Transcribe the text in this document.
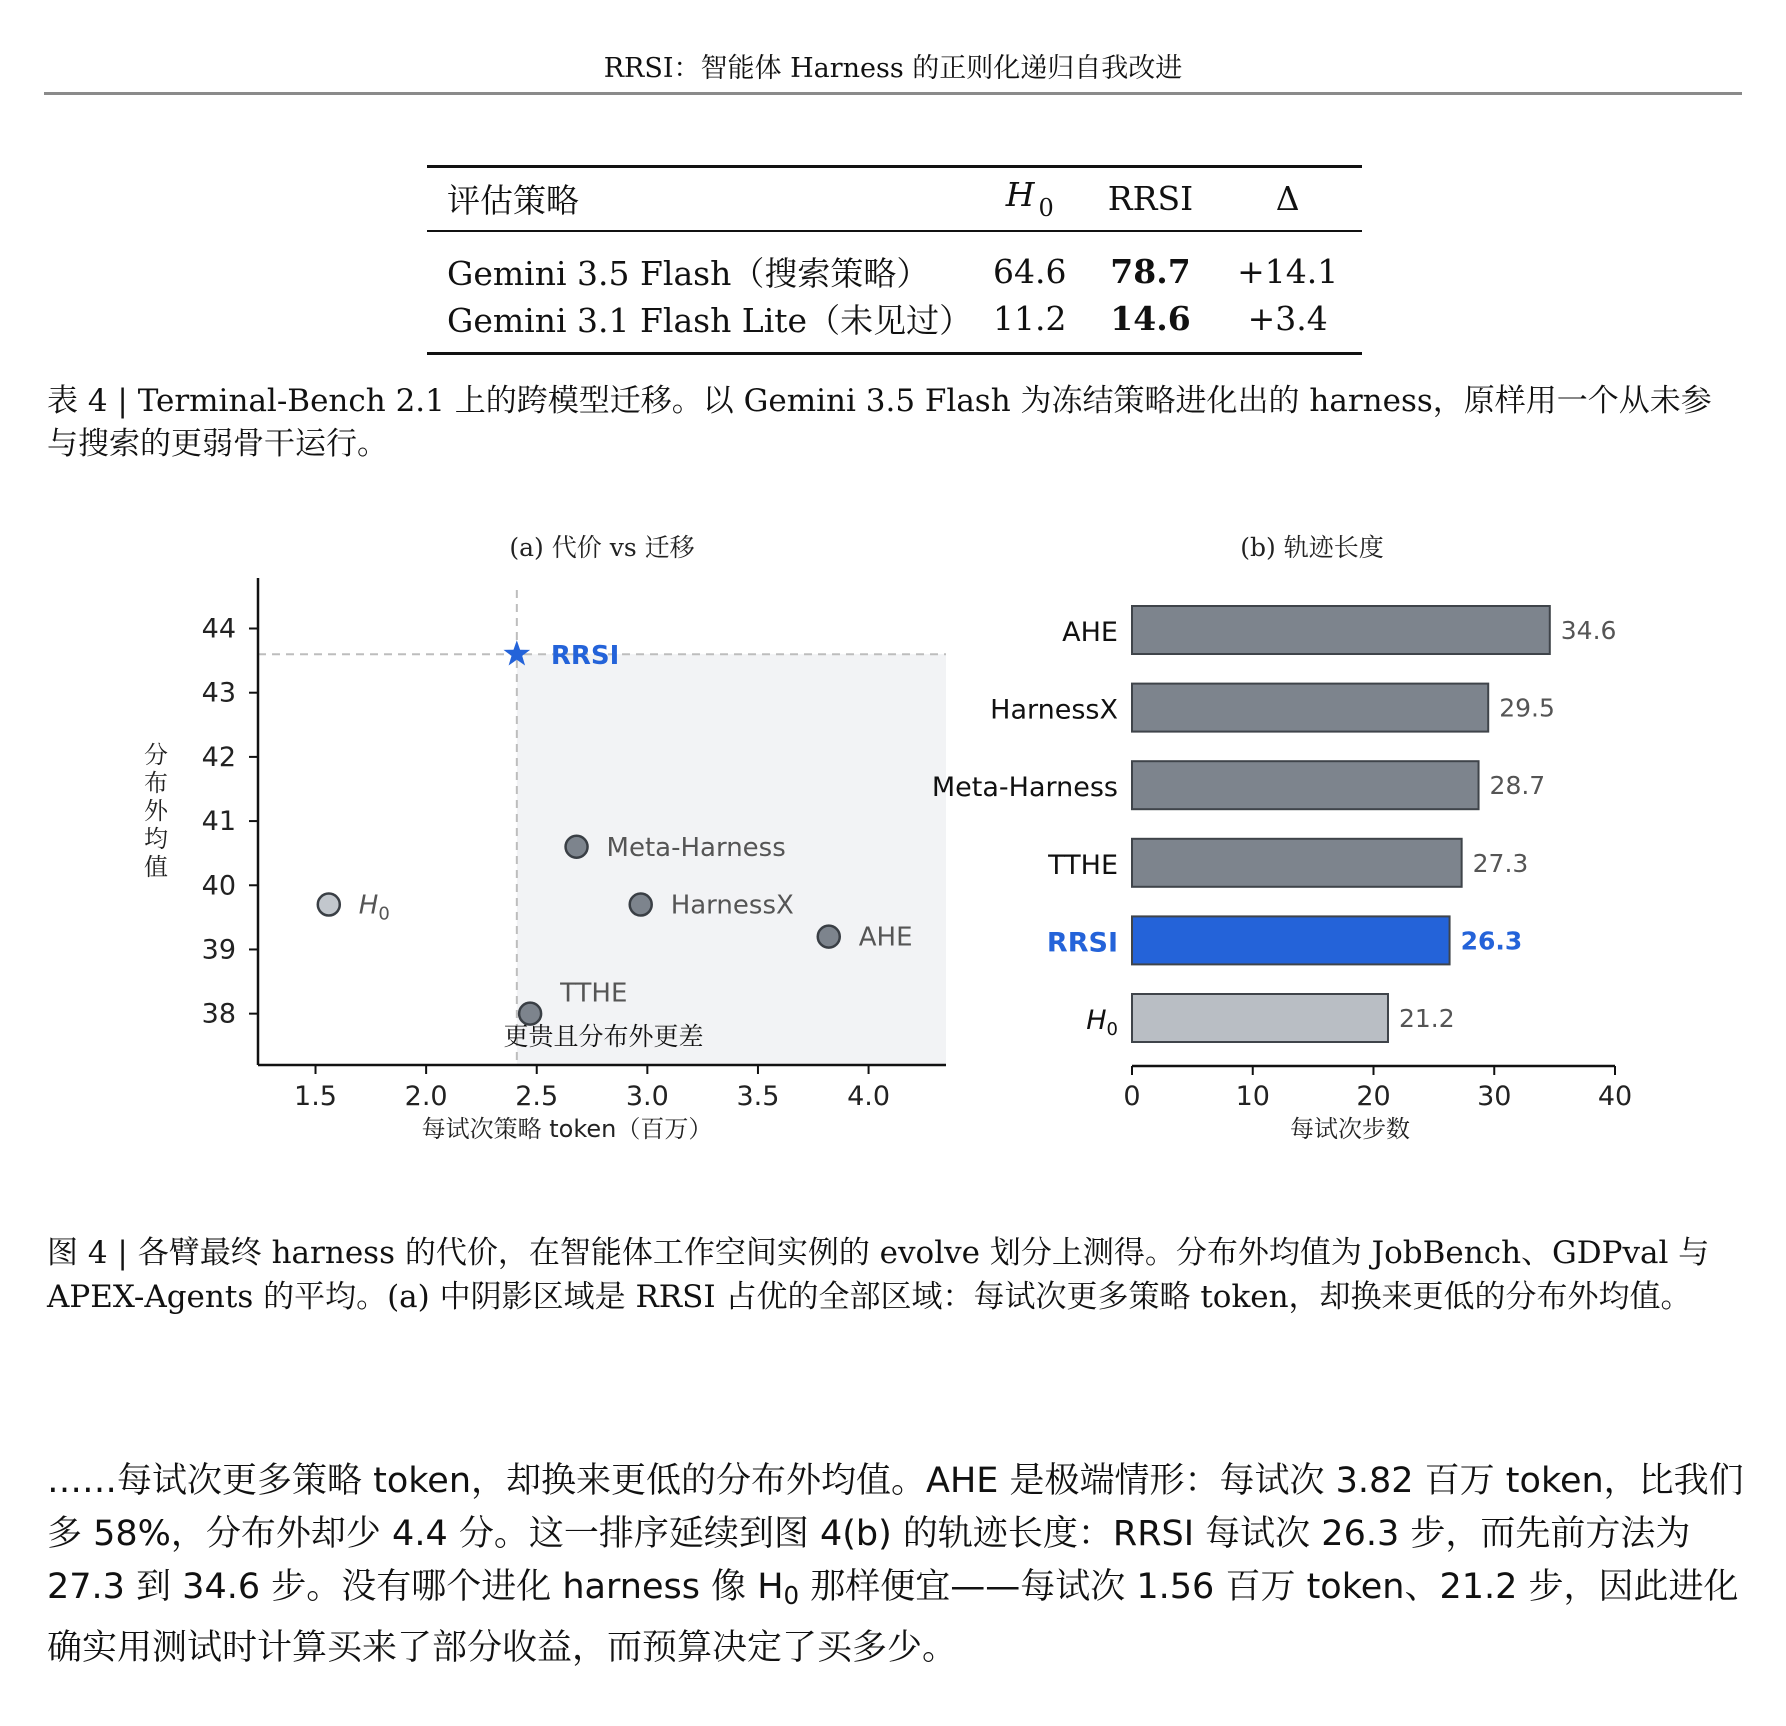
RRSI：智能体 Harness 的正则化递归自我改进
评估策略	H $_0$	RRSI	Δ
Gemini 3.5 Flash（搜索策略）	64.6	78.7	+14.1
Gemini 3.1 Flash Lite（未见过）	11.2	14.6	+3.4
表 4 | Terminal-Bench 2.1 上的跨模型迁移。以 Gemini 3.5 Flash 为冻结策略进化出的 harness，原样用一个从未参与搜索的更弱骨干运行。
(a) 代价 vs 迁移
38
39
40
41
42
43
44
1.5	2.0	2.5	3.0	3.5	4.0
每试次策略 token（百万）
分布外均值
RRSI
Meta-Harness
HarnessX
AHE
TTHE
$H_0$
更贵且分布外更差
(b) 轨迹长度
34.6
AHE
29.5
HarnessX
28.7
Meta-Harness
27.3
TTHE
26.3
RRSI
21.2
$H_0$
0	10	20	30	40
每试次步数
图 4 | 各臂最终 harness 的代价，在智能体工作空间实例的 evolve 划分上测得。分布外均值为 JobBench、GDPval 与 APEX-Agents 的平均。(a) 中阴影区域是 RRSI 占优的全部区域：每试次更多策略 token，却换来更低的分布外均值。
……每试次更多策略 token，却换来更低的分布外均值。AHE 是极端情形：每试次 3.82 百万 token，比我们多 58%，分布外却少 4.4 分。这一排序延续到图 4(b) 的轨迹长度：RRSI 每试次 26.3 步，而先前方法为 27.3 到 34.6 步。没有哪个进化 harness 像 $H_0$ 那样便宜——每试次 1.56 百万 token、21.2 步，因此进化确实用测试时计算买来了部分收益，而预算决定了买多少。
